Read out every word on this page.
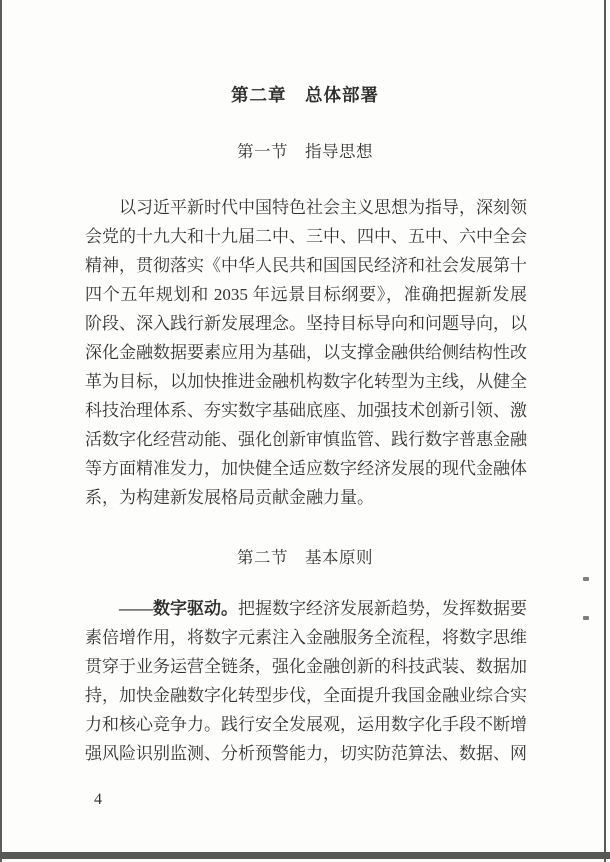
第二章　总体部署
第一节　指导思想
以习近平新时代中国特色社会主义思想为指导，深刻领
会党的十九大和十九届二中、三中、四中、五中、六中全会
精神，贯彻落实《中华人民共和国国民经济和社会发展第十
四个五年规划和 2035 年远景目标纲要》，准确把握新发展
阶段、深入践行新发展理念。坚持目标导向和问题导向，以
深化金融数据要素应用为基础，以支撑金融供给侧结构性改
革为目标，以加快推进金融机构数字化转型为主线，从健全
科技治理体系、夯实数字基础底座、加强技术创新引领、激
活数字化经营动能、强化创新审慎监管、践行数字普惠金融
等方面精准发力，加快健全适应数字经济发展的现代金融体
系，为构建新发展格局贡献金融力量。
——数字驱动。把握数字经济发展新趋势，发挥数据要
素倍增作用，将数字元素注入金融服务全流程，将数字思维
贯穿于业务运营全链条，强化金融创新的科技武装、数据加
持，加快金融数字化转型步伐，全面提升我国金融业综合实
力和核心竞争力。践行安全发展观，运用数字化手段不断增
强风险识别监测、分析预警能力，切实防范算法、数据、网
第二节　基本原则
4
